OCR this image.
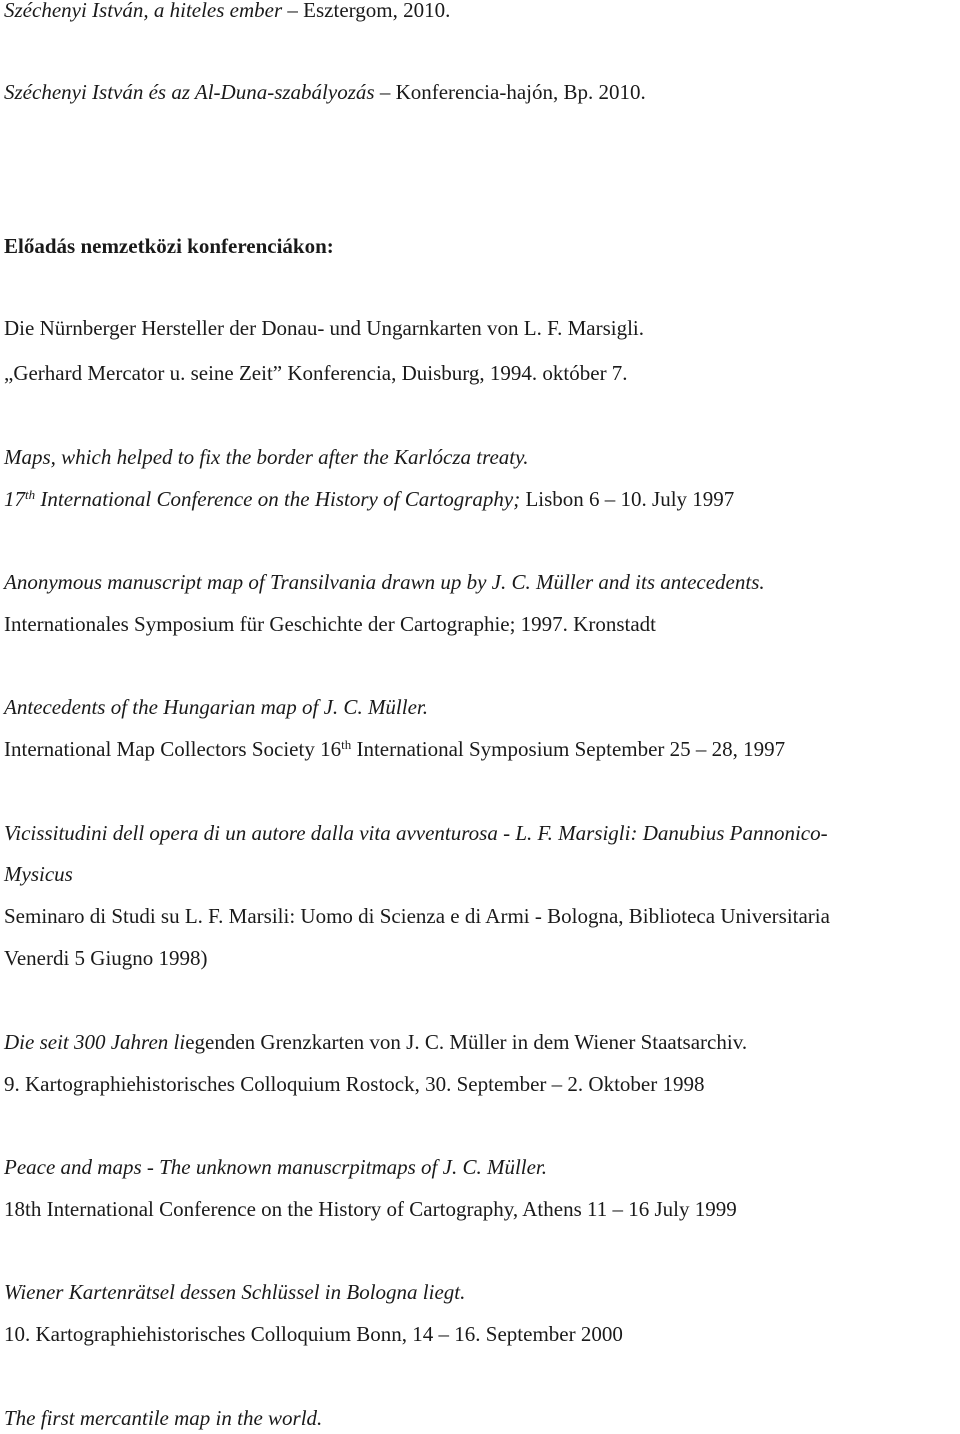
Széchenyi István, a hiteles ember – Esztergom, 2010.
Széchenyi István és az Al-Duna-szabályozás – Konferencia-hajón, Bp. 2010.
Előadás nemzetközi konferenciákon:
Die Nürnberger Hersteller der Donau- und Ungarnkarten von L. F. Marsigli.
„Gerhard Mercator u. seine Zeit” Konferencia, Duisburg, 1994. október 7.
Maps, which helped to fix the border after the Karlócza treaty.
17th International Conference on the History of Cartography; Lisbon 6 – 10. July 1997
Anonymous manuscript map of Transilvania drawn up by J. C. Müller and its antecedents.
Internationales Symposium für Geschichte der Cartographie; 1997. Kronstadt
Antecedents of the Hungarian map of J. C. Müller.
International Map Collectors Society 16th International Symposium September 25 – 28, 1997
Vicissitudini dell opera di un autore dalla vita avventurosa - L. F. Marsigli: Danubius Pannonico-
Mysicus
Seminaro di Studi su L. F. Marsili: Uomo di Scienza e di Armi - Bologna, Biblioteca Universitaria
Venerdi 5 Giugno 1998)
Die seit 300 Jahren liegenden Grenzkarten von J. C. Müller in dem Wiener Staatsarchiv.
9. Kartographiehistorisches Colloquium Rostock, 30. September – 2. Oktober 1998
Peace and maps - The unknown manuscrpitmaps of J. C. Müller.
18th International Conference on the History of Cartography, Athens 11 – 16 July 1999
Wiener Kartenrätsel dessen Schlüssel in Bologna liegt.
10. Kartographiehistorisches Colloquium Bonn, 14 – 16. September 2000
The first mercantile map in the world.
